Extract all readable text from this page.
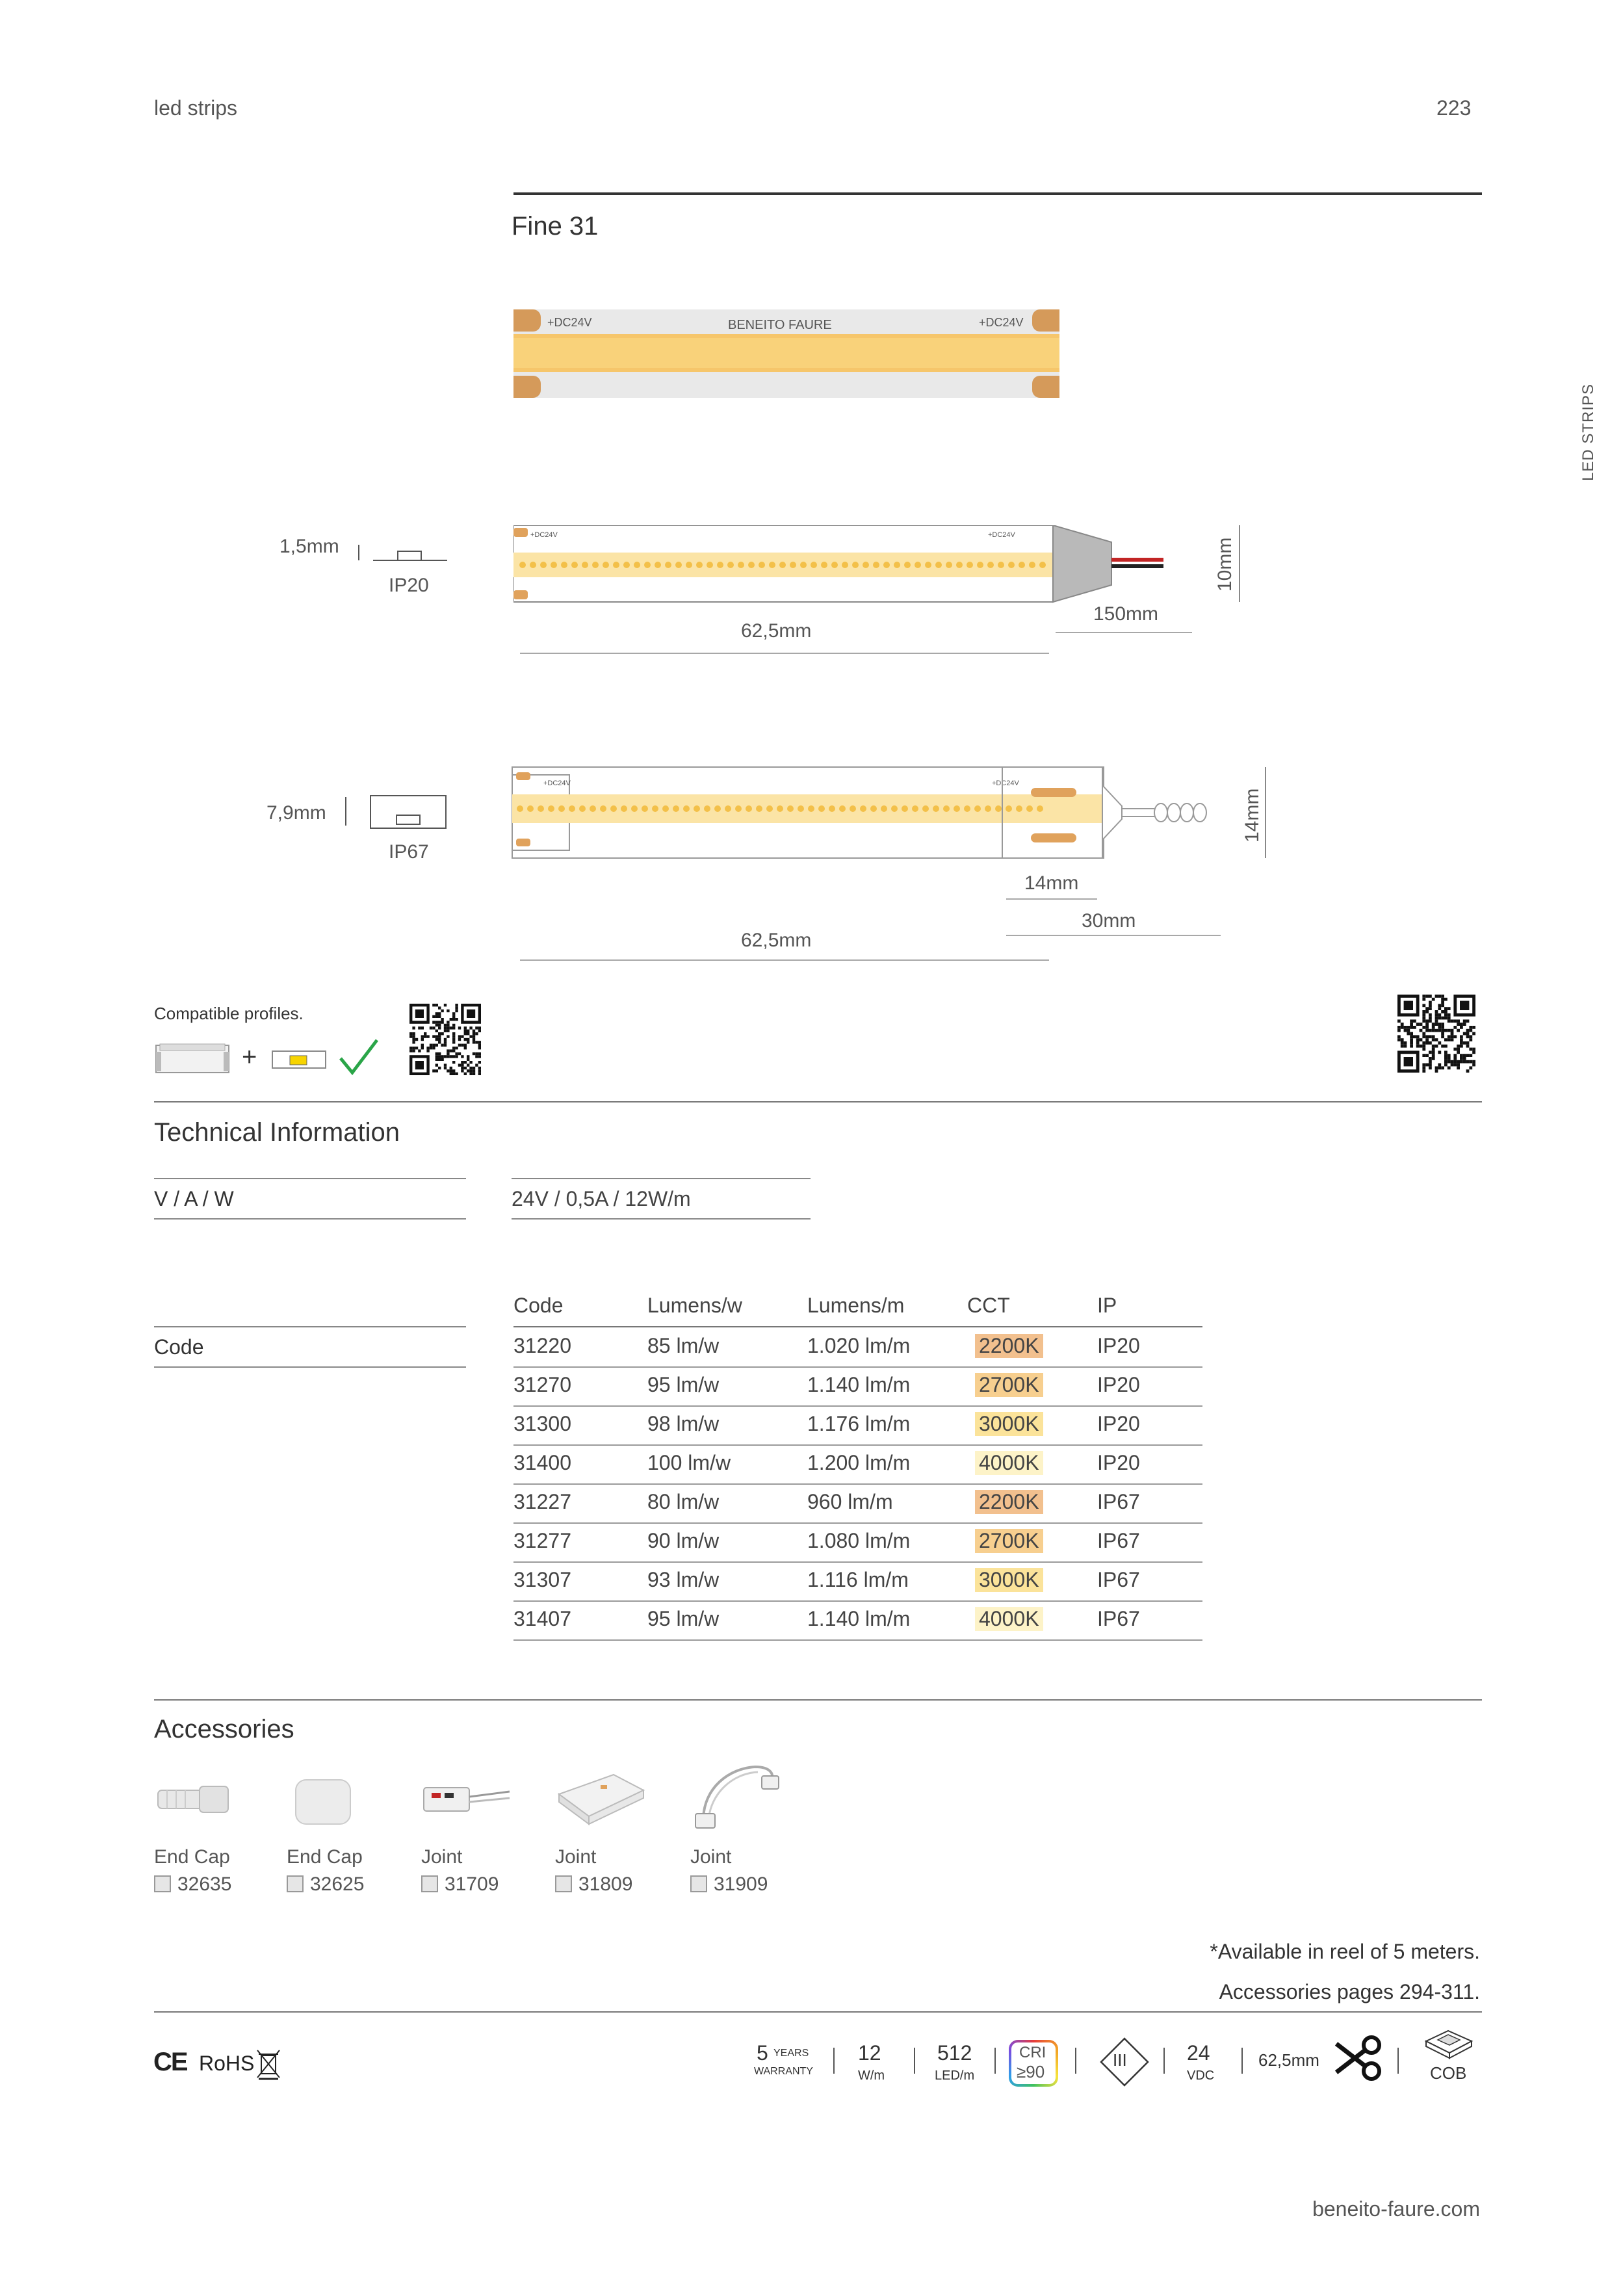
led strips	223
LED STRIPS
Fine 31
+DC24V	BENEITO FAURE	+DC24V
1,5mm
IP20
+DC24V	+DC24V
10mm
150mm
62,5mm
7,9mm
IP67
+DC24V	+DC24V
14mm
14mm
30mm
62,5mm
Compatible profiles.
+
Technical Information
V / A / W	24V / 0,5A / 12W/m
Code
Code	Lumens/w	Lumens/m	CCT	IP
31220	85 lm/w	1.020 lm/m	2200K	IP20
31270	95 lm/w	1.140 lm/m	2700K	IP20
31300	98 lm/w	1.176 lm/m	3000K	IP20
31400	100 lm/w	1.200 lm/m	4000K	IP20
31227	80 lm/w	960 lm/m	2200K	IP67
31277	90 lm/w	1.080 lm/m	2700K	IP67
31307	93 lm/w	1.116 lm/m	3000K	IP67
31407	95 lm/w	1.140 lm/m	4000K	IP67
Accessories
End Cap
32635
End Cap
32625
Joint
31709
Joint
31809
Joint
31909
*Available in reel of 5 meters.
Accessories pages 294-311.
CE RoHS	5 YEARS
WARRANTY
12
W/m
512
LED/m
CRI
≥90
III	24
VDC
62,5mm
COB
beneito-faure.com
